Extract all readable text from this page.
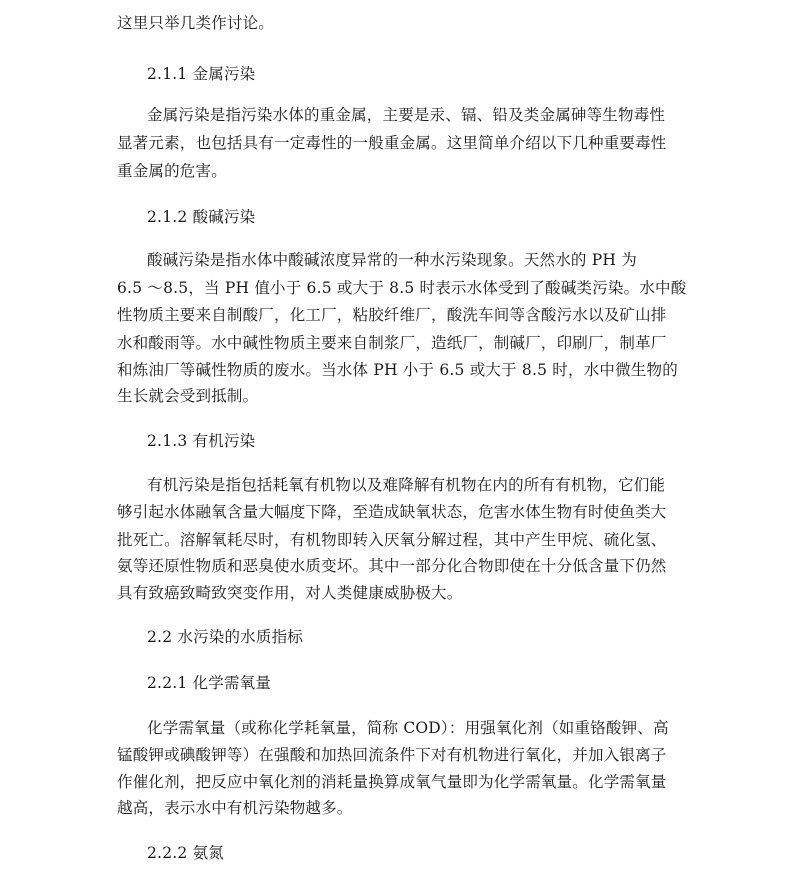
这里只举几类作讨论。
2.1.1 金属污染
金属污染是指污染水体的重金属，主要是汞、镉、铅及类金属砷等生物毒性
显著元素，也包括具有一定毒性的一般重金属。这里简单介绍以下几种重要毒性
重金属的危害。
2.1.2 酸碱污染
酸碱污染是指水体中酸碱浓度异常的一种水污染现象。天然水的 PH 为
6.5 ～8.5，当 PH 值小于 6.5 或大于 8.5 时表示水体受到了酸碱类污染。水中酸
性物质主要来自制酸厂，化工厂，粘胶纤维厂，酸洗车间等含酸污水以及矿山排
水和酸雨等。水中碱性物质主要来自制浆厂，造纸厂，制碱厂，印刷厂，制革厂
和炼油厂等碱性物质的废水。当水体 PH 小于 6.5 或大于 8.5 时，水中微生物的
生长就会受到抵制。
2.1.3 有机污染
有机污染是指包括耗氧有机物以及难降解有机物在内的所有有机物，它们能
够引起水体融氧含量大幅度下降，至造成缺氧状态，危害水体生物有时使鱼类大
批死亡。溶解氧耗尽时，有机物即转入厌氧分解过程，其中产生甲烷、硫化氢、
氨等还原性物质和恶臭使水质变坏。其中一部分化合物即使在十分低含量下仍然
具有致癌致畸致突变作用，对人类健康威胁极大。
2.2 水污染的水质指标
2.2.1 化学需氧量
化学需氧量（或称化学耗氧量，简称 COD）：用强氧化剂（如重铬酸钾、高
锰酸钾或碘酸钾等）在强酸和加热回流条件下对有机物进行氧化，并加入银离子
作催化剂，把反应中氧化剂的消耗量换算成氧气量即为化学需氧量。化学需氧量
越高，表示水中有机污染物越多。
2.2.2 氨氮
